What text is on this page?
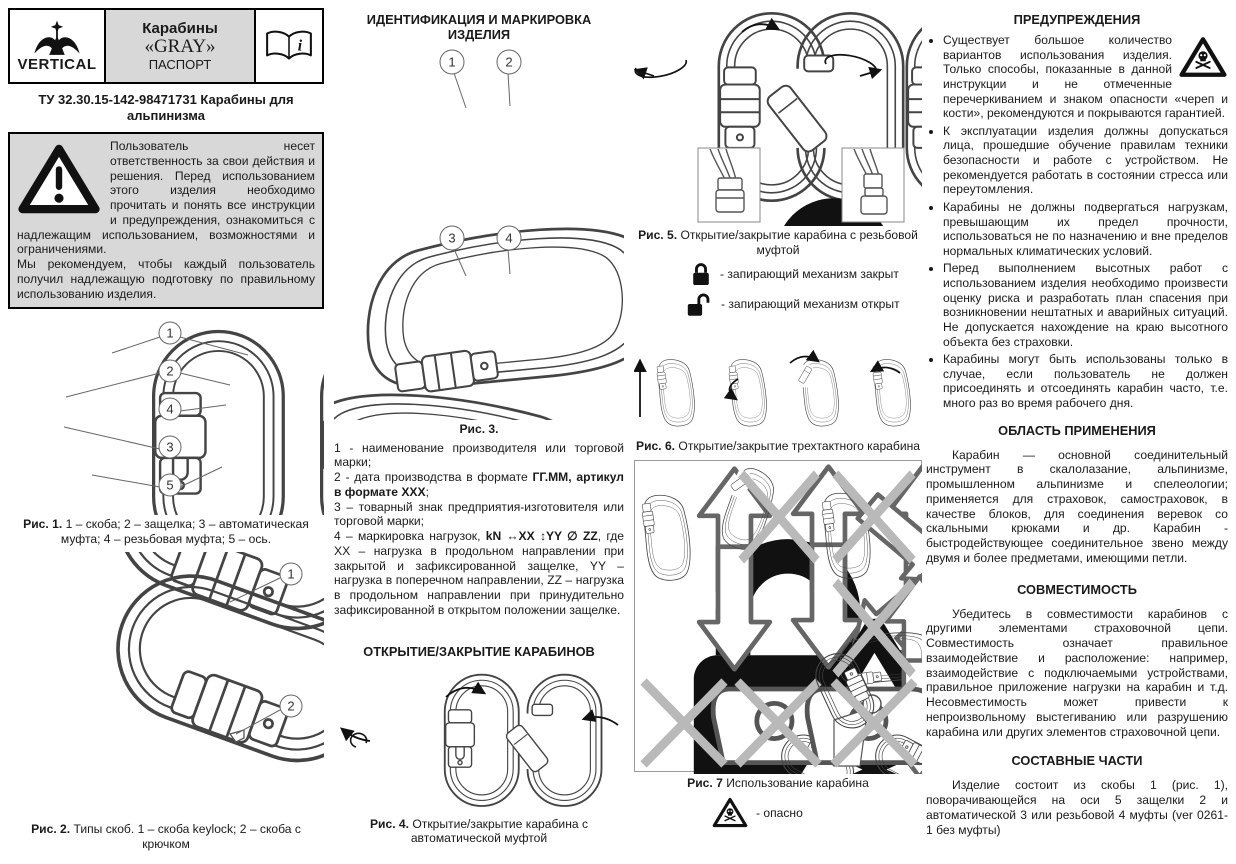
VERTICAL
Карабины
«GRAY»
ПАСПОРТ
i
ТУ 32.30.15-142-98471731 Карабины для альпинизма

Пользователь несет ответственность за свои действия и решения. Перед использованием этого изделия необходимо прочитать и понять все инструкции и предупреждения, ознакомиться с надлежащим использованием, возможностями и ограничениями.

Мы рекомендуем, чтобы каждый пользователь получил надлежащую подготовку по правильному использованию изделия.

1
2
4
3
5
Рис. 1. 1 – скоба; 2 – защелка; 3 – автоматическая муфта; 4 – резьбовая муфта; 5 – ось.
1
2
Рис. 2. Типы скоб. 1 – скоба keylock; 2 – скоба с крючком
ИДЕНТИФИКАЦИЯ И МАРКИРОВКА ИЗДЕЛИЯ
1	2
3	4
Рис. 3.

1 - наименование производителя или торговой марки;

2 - дата производства в формате ГГ.ММ, артикул в формате XXX;

3 – товарный знак предприятия-изготовителя или торговой марки;

4 – маркировка нагрузок, kN ↔XX ↕YY ∅ ZZ, где XX – нагрузка в продольном направлении при закрытой и зафиксированной защелке, YY – нагрузка в поперечном направлении, ZZ – нагрузка в продольном направлении при принудительно зафиксированной в открытом положении защелке.

ОТКРЫТИЕ/ЗАКРЫТИЕ КАРАБИНОВ
Рис. 4. Открытие/закрытие карабина с автоматической муфтой
Рис. 5. Открытие/закрытие карабина с резьбовой муфтой
- запирающий механизм закрыт
- запирающий механизм открыт
Рис. 6. Открытие/закрытие трехтактного карабина
Рис. 7 Использование карабина
- опасно
ПРЕДУПРЕЖДЕНИЯ
• Существует большое количество вариантов использования изделия. Только способы, показанные в данной инструкции и не отмеченные перечеркиванием и знаком опасности «череп и кости», рекомендуются и покрываются гарантией.
• К эксплуатации изделия должны допускаться лица, прошедшие обучение правилам техники безопасности и работе с устройством. Не рекомендуется работать в состоянии стресса или переутомления.
• Карабины не должны подвергаться нагрузкам, превышающим их предел прочности, использоваться не по назначению и вне пределов нормальных климатических условий.
• Перед выполнением высотных работ с использованием изделия необходимо произвести оценку риска и разработать план спасения при возникновении нештатных и аварийных ситуаций. Не допускается нахождение на краю высотного объекта без страховки.
• Карабины могут быть использованы только в случае, если пользователь не должен присоединять и отсоединять карабин часто, т.е. много раз во время рабочего дня.
ОБЛАСТЬ ПРИМЕНЕНИЯ

Карабин — основной соединительный инструмент в скалолазание, альпинизме, промышленном альпинизме и спелеологии; применяется для страховок, самостраховок, в качестве блоков, для соединения веревок со скальными крюками и др. Карабин - быстродействующее соединительное звено между двумя и более предметами, имеющими петли.

СОВМЕСТИМОСТЬ

Убедитесь в совместимости карабинов с другими элементами страховочной цепи. Совместимость означает правильное взаимодействие и расположение: например, взаимодействие с подключаемыми устройствами, правильное приложение нагрузки на карабин и т.д. Несовместимость может привести к непроизвольному выстегиванию или разрушению карабина или других элементов страховочной цепи.

СОСТАВНЫЕ ЧАСТИ

Изделие состоит из скобы 1 (рис. 1), поворачивающейся на оси 5 защелки 2 и автоматической 3 или резьбовой 4 муфты (ver 0261-1 без муфты)
